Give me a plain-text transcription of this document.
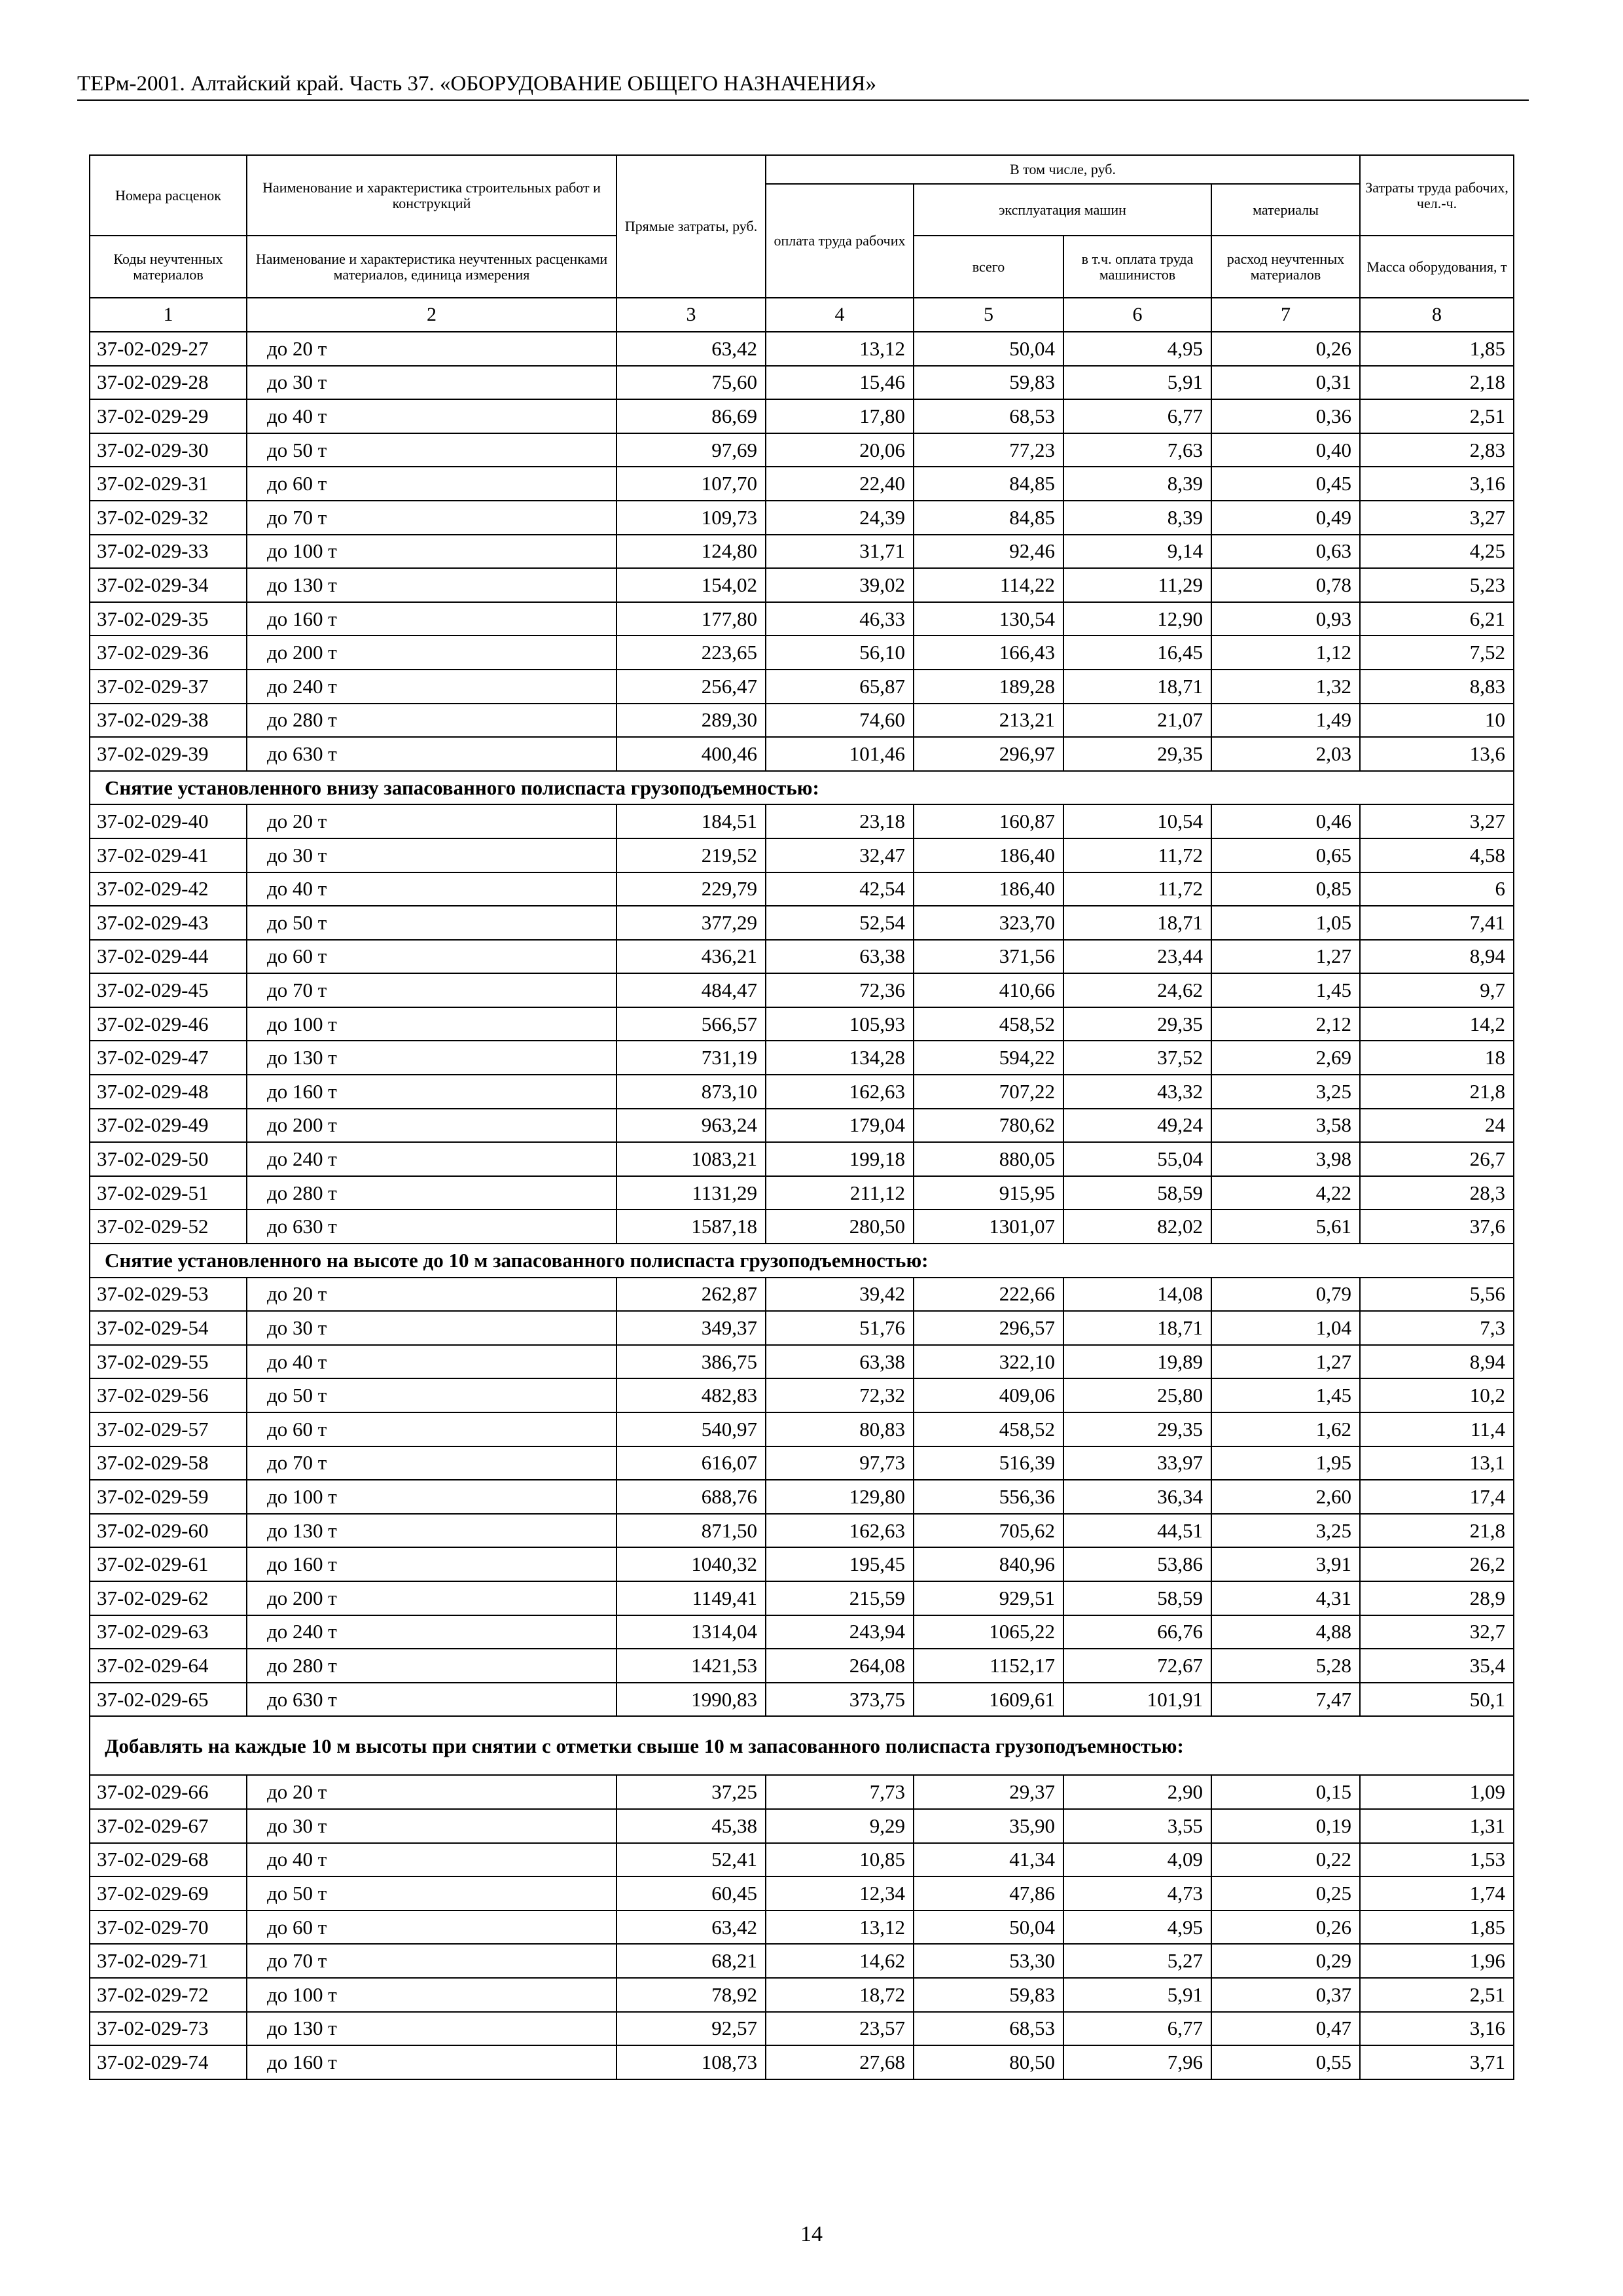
ТЕРм-2001. Алтайский край. Часть 37. «ОБОРУДОВАНИЕ ОБЩЕГО НАЗНАЧЕНИЯ»
Номера расценок	Наименование и характеристика строительных работ и конструкций	Прямые затраты, руб.	В том числе, руб.				Затраты труда рабочих, чел.-ч.
			оплата труда рабочих	эксплуатация машин		материалы	
Коды неучтенных материалов	Наименование и характеристика неучтенных расценками материалов, единица измерения			всего	в т.ч. оплата труда машинистов	расход неучтенных материалов	Масса оборудования, т
1	2	3	4	5	6	7	8
37-02-029-27	до 20 т	63,42	13,12	50,04	4,95	0,26	1,85
37-02-029-28	до 30 т	75,60	15,46	59,83	5,91	0,31	2,18
37-02-029-29	до 40 т	86,69	17,80	68,53	6,77	0,36	2,51
37-02-029-30	до 50 т	97,69	20,06	77,23	7,63	0,40	2,83
37-02-029-31	до 60 т	107,70	22,40	84,85	8,39	0,45	3,16
37-02-029-32	до 70 т	109,73	24,39	84,85	8,39	0,49	3,27
37-02-029-33	до 100 т	124,80	31,71	92,46	9,14	0,63	4,25
37-02-029-34	до 130 т	154,02	39,02	114,22	11,29	0,78	5,23
37-02-029-35	до 160 т	177,80	46,33	130,54	12,90	0,93	6,21
37-02-029-36	до 200 т	223,65	56,10	166,43	16,45	1,12	7,52
37-02-029-37	до 240 т	256,47	65,87	189,28	18,71	1,32	8,83
37-02-029-38	до 280 т	289,30	74,60	213,21	21,07	1,49	10
37-02-029-39	до 630 т	400,46	101,46	296,97	29,35	2,03	13,6
Снятие установленного внизу запасованного полиспаста грузоподъемностью:							
37-02-029-40	до 20 т	184,51	23,18	160,87	10,54	0,46	3,27
37-02-029-41	до 30 т	219,52	32,47	186,40	11,72	0,65	4,58
37-02-029-42	до 40 т	229,79	42,54	186,40	11,72	0,85	6
37-02-029-43	до 50 т	377,29	52,54	323,70	18,71	1,05	7,41
37-02-029-44	до 60 т	436,21	63,38	371,56	23,44	1,27	8,94
37-02-029-45	до 70 т	484,47	72,36	410,66	24,62	1,45	9,7
37-02-029-46	до 100 т	566,57	105,93	458,52	29,35	2,12	14,2
37-02-029-47	до 130 т	731,19	134,28	594,22	37,52	2,69	18
37-02-029-48	до 160 т	873,10	162,63	707,22	43,32	3,25	21,8
37-02-029-49	до 200 т	963,24	179,04	780,62	49,24	3,58	24
37-02-029-50	до 240 т	1083,21	199,18	880,05	55,04	3,98	26,7
37-02-029-51	до 280 т	1131,29	211,12	915,95	58,59	4,22	28,3
37-02-029-52	до 630 т	1587,18	280,50	1301,07	82,02	5,61	37,6
Снятие установленного на высоте до 10 м запасованного полиспаста грузоподъемностью:							
37-02-029-53	до 20 т	262,87	39,42	222,66	14,08	0,79	5,56
37-02-029-54	до 30 т	349,37	51,76	296,57	18,71	1,04	7,3
37-02-029-55	до 40 т	386,75	63,38	322,10	19,89	1,27	8,94
37-02-029-56	до 50 т	482,83	72,32	409,06	25,80	1,45	10,2
37-02-029-57	до 60 т	540,97	80,83	458,52	29,35	1,62	11,4
37-02-029-58	до 70 т	616,07	97,73	516,39	33,97	1,95	13,1
37-02-029-59	до 100 т	688,76	129,80	556,36	36,34	2,60	17,4
37-02-029-60	до 130 т	871,50	162,63	705,62	44,51	3,25	21,8
37-02-029-61	до 160 т	1040,32	195,45	840,96	53,86	3,91	26,2
37-02-029-62	до 200 т	1149,41	215,59	929,51	58,59	4,31	28,9
37-02-029-63	до 240 т	1314,04	243,94	1065,22	66,76	4,88	32,7
37-02-029-64	до 280 т	1421,53	264,08	1152,17	72,67	5,28	35,4
37-02-029-65	до 630 т	1990,83	373,75	1609,61	101,91	7,47	50,1
Добавлять на каждые 10 м высоты при снятии с отметки свыше 10 м запасованного полиспаста грузоподъемностью:							
37-02-029-66	до 20 т	37,25	7,73	29,37	2,90	0,15	1,09
37-02-029-67	до 30 т	45,38	9,29	35,90	3,55	0,19	1,31
37-02-029-68	до 40 т	52,41	10,85	41,34	4,09	0,22	1,53
37-02-029-69	до 50 т	60,45	12,34	47,86	4,73	0,25	1,74
37-02-029-70	до 60 т	63,42	13,12	50,04	4,95	0,26	1,85
37-02-029-71	до 70 т	68,21	14,62	53,30	5,27	0,29	1,96
37-02-029-72	до 100 т	78,92	18,72	59,83	5,91	0,37	2,51
37-02-029-73	до 130 т	92,57	23,57	68,53	6,77	0,47	3,16
37-02-029-74	до 160 т	108,73	27,68	80,50	7,96	0,55	3,71
14
